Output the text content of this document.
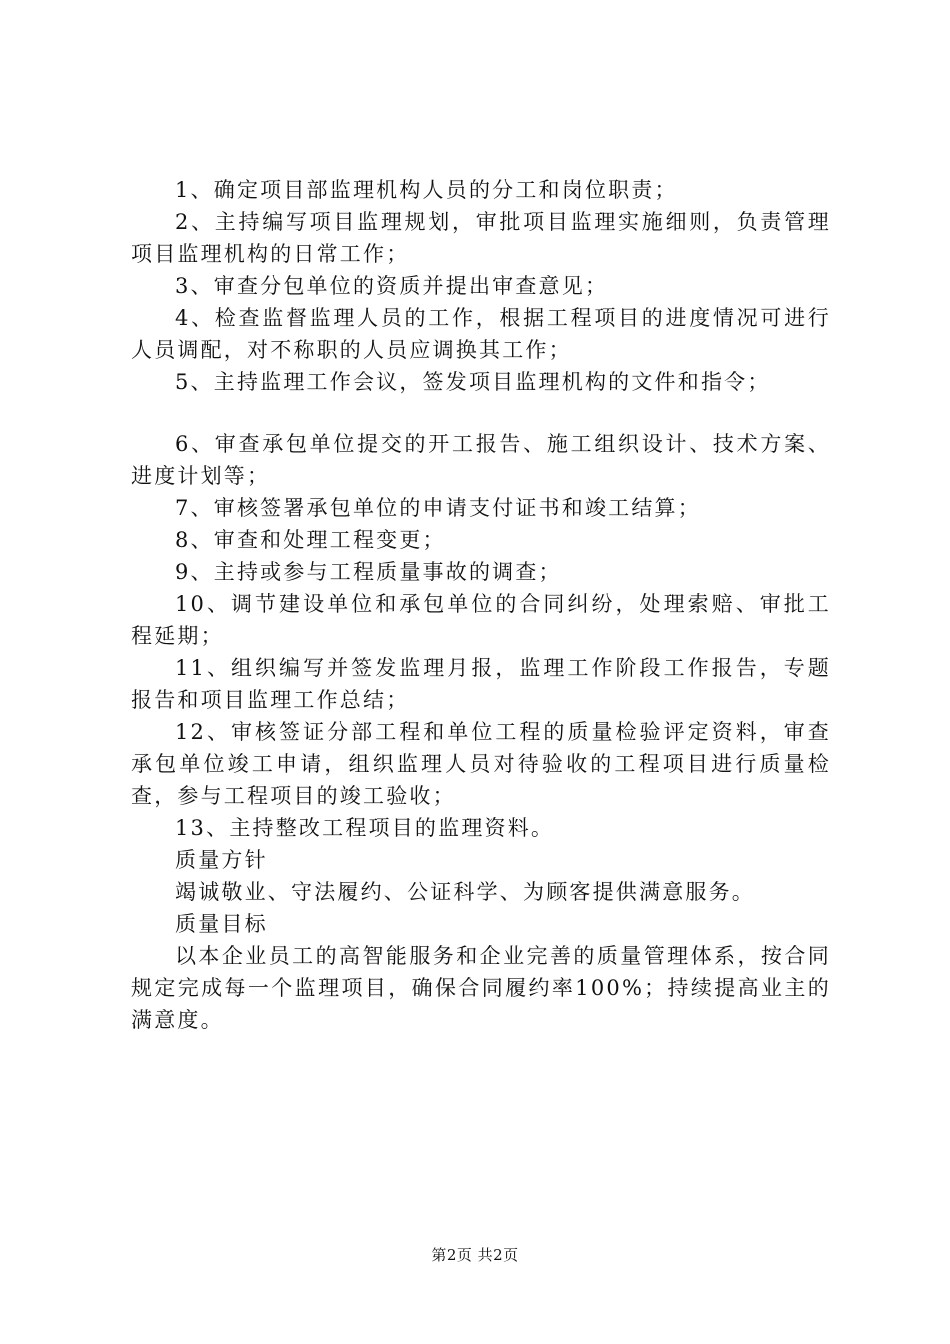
1、确定项目部监理机构人员的分工和岗位职责；

2、主持编写项目监理规划，审批项目监理实施细则，负责管理项目监理机构的日常工作；

3、审查分包单位的资质并提出审查意见；

4、检查监督监理人员的工作，根据工程项目的进度情况可进行人员调配，对不称职的人员应调换其工作；

5、主持监理工作会议，签发项目监理机构的文件和指令；

6、审查承包单位提交的开工报告、施工组织设计、技术方案、进度计划等；

7、审核签署承包单位的申请支付证书和竣工结算；

8、审查和处理工程变更；

9、主持或参与工程质量事故的调查；

10、调节建设单位和承包单位的合同纠纷，处理索赔、审批工程延期；

11、组织编写并签发监理月报，监理工作阶段工作报告，专题报告和项目监理工作总结；

12、审核签证分部工程和单位工程的质量检验评定资料，审查承包单位竣工申请，组织监理人员对待验收的工程项目进行质量检查，参与工程项目的竣工验收；

13、主持整改工程项目的监理资料。

质量方针

竭诚敬业、守法履约、公证科学、为顾客提供满意服务。

质量目标

以本企业员工的高智能服务和企业完善的质量管理体系，按合同规定完成每一个监理项目，确保合同履约率100%；持续提高业主的满意度。

第2页 共2页
